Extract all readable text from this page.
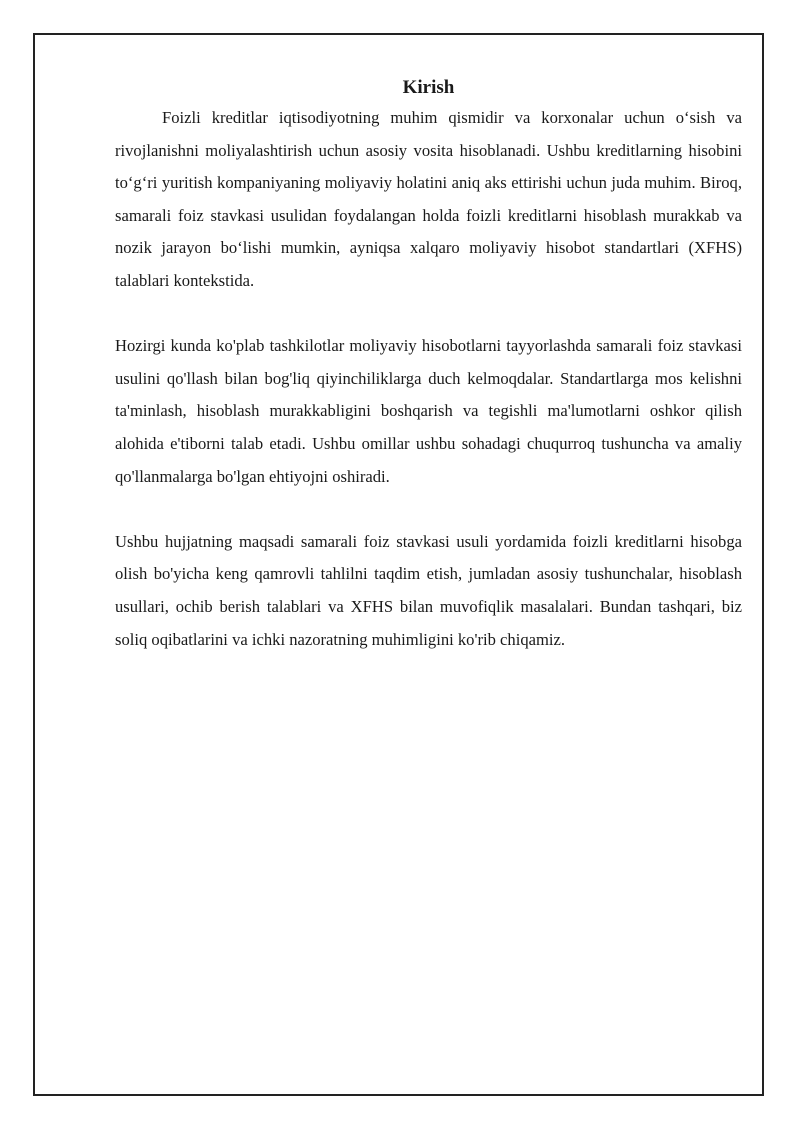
Kirish

Foizli kreditlar iqtisodiyotning muhim qismidir va korxonalar uchun o‘sish va rivojlanishni moliyalashtirish uchun asosiy vosita hisoblanadi. Ushbu kreditlarning hisobini to‘g‘ri yuritish kompaniyaning moliyaviy holatini aniq aks ettirishi uchun juda muhim. Biroq, samarali foiz stavkasi usulidan foydalangan holda foizli kreditlarni hisoblash murakkab va nozik jarayon bo‘lishi mumkin, ayniqsa xalqaro moliyaviy hisobot standartlari (XFHS) talablari kontekstida.

Hozirgi kunda ko'plab tashkilotlar moliyaviy hisobotlarni tayyorlashda samarali foiz stavkasi usulini qo'llash bilan bog'liq qiyinchiliklarga duch kelmoqdalar. Standartlarga mos kelishni ta'minlash, hisoblash murakkabligini boshqarish va tegishli ma'lumotlarni oshkor qilish alohida e'tiborni talab etadi. Ushbu omillar ushbu sohadagi chuqurroq tushuncha va amaliy qo'llanmalarga bo'lgan ehtiyojni oshiradi.

Ushbu hujjatning maqsadi samarali foiz stavkasi usuli yordamida foizli kreditlarni hisobga olish bo'yicha keng qamrovli tahlilni taqdim etish, jumladan asosiy tushunchalar, hisoblash usullari, ochib berish talablari va XFHS bilan muvofiqlik masalalari. Bundan tashqari, biz soliq oqibatlarini va ichki nazoratning muhimligini ko'rib chiqamiz.
